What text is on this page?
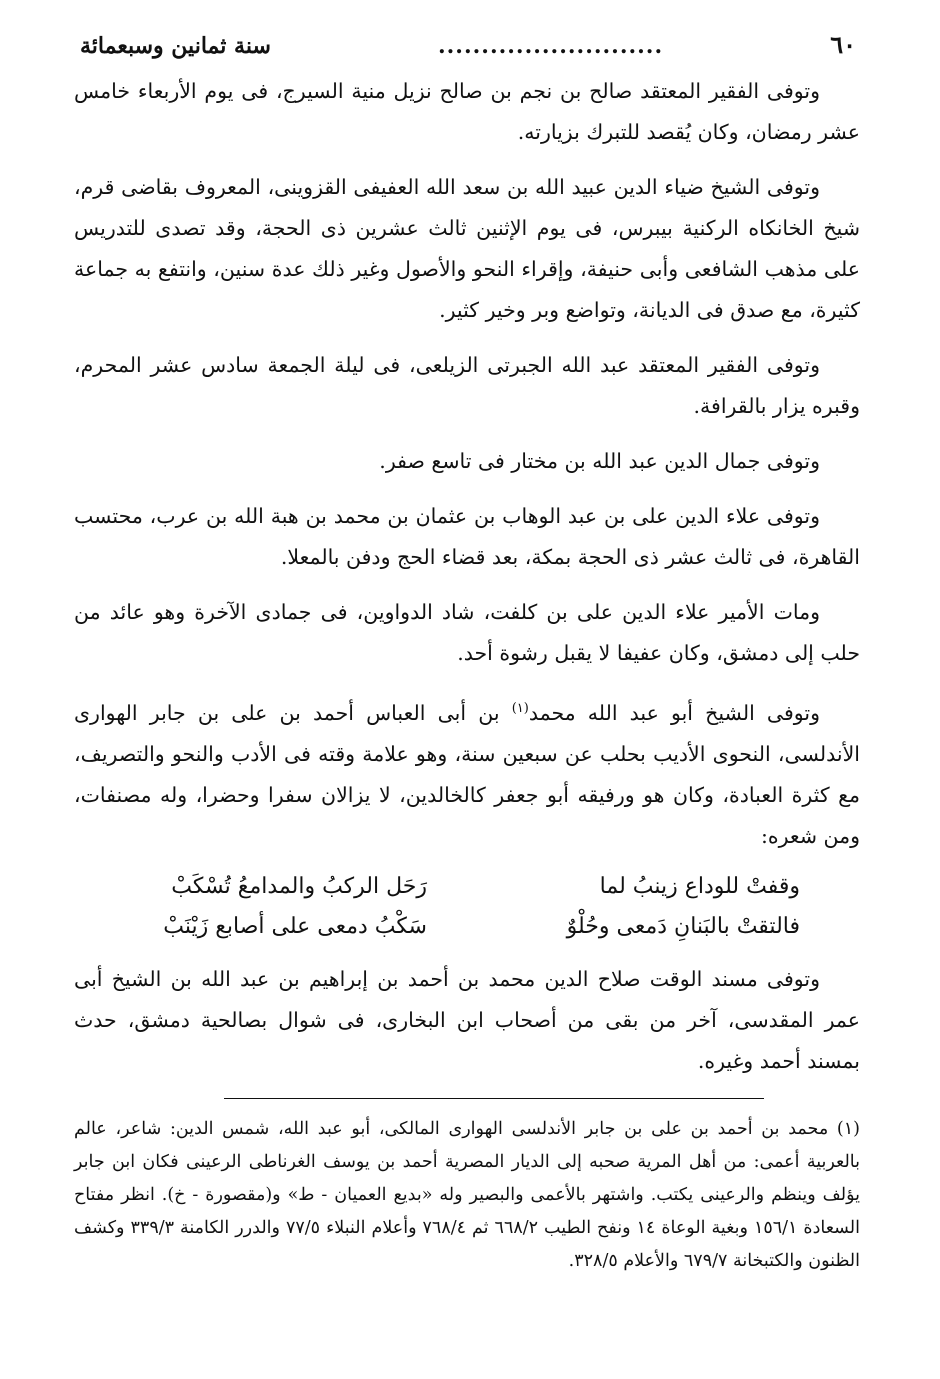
٦٠
..........................
سنة ثمانين وسبعمائة

وتوفى الفقير المعتقد صالح بن نجم بن صالح نزيل منية السيرج، فى يوم الأربعاء خامس عشر رمضان، وكان يُقصد للتبرك بزيارته.

وتوفى الشيخ ضياء الدين عبيد الله بن سعد الله العفيفى القزوينى، المعروف بقاضى قرم، شيخ الخانكاه الركنية بيبرس، فى يوم الإثنين ثالث عشرين ذى الحجة، وقد تصدى للتدريس على مذهب الشافعى وأبى حنيفة، وإقراء النحو والأصول وغير ذلك عدة سنين، وانتفع به جماعة كثيرة، مع صدق فى الديانة، وتواضع وبر وخير كثير.

وتوفى الفقير المعتقد عبد الله الجبرتى الزيلعى، فى ليلة الجمعة سادس عشر المحرم، وقبره يزار بالقرافة.

وتوفى جمال الدين عبد الله بن مختار فى تاسع صفر.

وتوفى علاء الدين على بن عبد الوهاب بن عثمان بن محمد بن هبة الله بن عرب، محتسب القاهرة، فى ثالث عشر ذى الحجة بمكة، بعد قضاء الحج ودفن بالمعلا.

ومات الأمير علاء الدين على بن كلفت، شاد الدواوين، فى جمادى الآخرة وهو عائد من حلب إلى دمشق، وكان عفيفا لا يقبل رشوة أحد.

وتوفى الشيخ أبو عبد الله محمد$^{(١)}$ بن أبى العباس أحمد بن على بن جابر الهوارى الأندلسى، النحوى الأديب بحلب عن سبعين سنة، وهو علامة وقته فى الأدب والنحو والتصريف، مع كثرة العبادة، وكان هو ورفيقه أبو جعفر كالخالدين، لا يزالان سفرا وحضرا، وله مصنفات، ومن شعره:

وقفتْ للوداع زينبُ لما
رَحَل الركبُ والمدامعُ تُسْكَبْ
فالتقتْ بالبَنانِ دَمعى وحُلْوٌ
سَكْبُ دمعى على أصابع زَيْنَبْ

وتوفى مسند الوقت صلاح الدين محمد بن أحمد بن إبراهيم بن عبد الله بن الشيخ أبى عمر المقدسى، آخر من بقى من أصحاب ابن البخارى، فى شوال بصالحية دمشق، حدث بمسند أحمد وغيره.

(١) محمد بن أحمد بن على بن جابر الأندلسى الهوارى المالكى، أبو عبد الله، شمس الدين: شاعر، عالم بالعربية أعمى: من أهل المرية صحبه إلى الديار المصرية أحمد بن يوسف الغرناطى الرعينى فكان ابن جابر يؤلف وينظم والرعينى يكتب. واشتهر بالأعمى والبصير وله «بديع العميان - ط» و(مقصورة - خ). انظر مفتاح السعادة ١٥٦/١ وبغية الوعاة ١٤ ونفح الطيب ٦٦٨/٢ ثم ٧٦٨/٤ وأعلام النبلاء ٧٧/٥ والدرر الكامنة ٣٣٩/٣ وكشف الظنون والكتبخانة ٦٧٩/٧ والأعلام ٣٢٨/٥.
